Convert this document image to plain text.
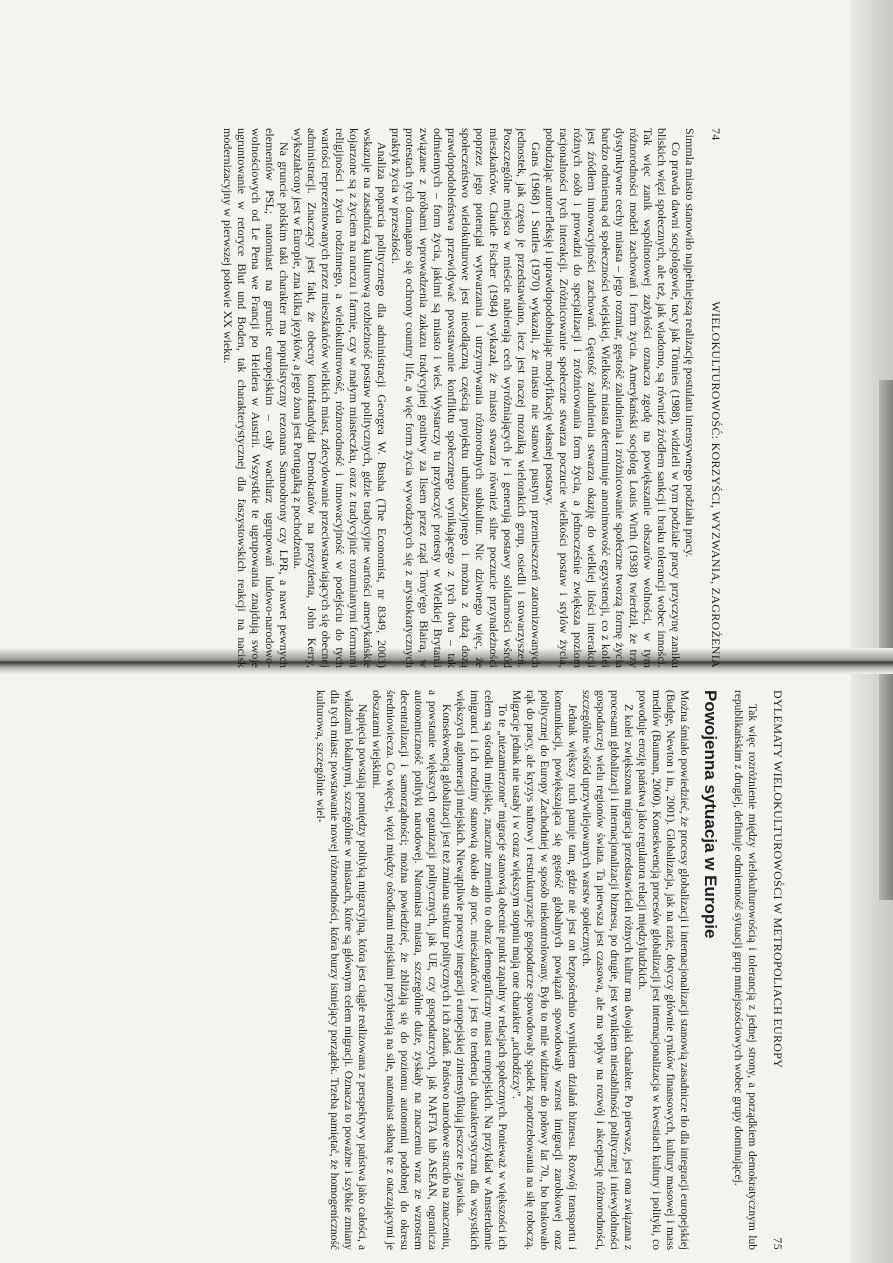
74
WIELOKULTUROWOŚĆ: KORZYŚCI, WYZWANIA, ZAGROŻENIA

Simmla miasto stanowiło najpełniejszą realizację postulatu intensywnego podziału pracy.

Co prawda dawni socjologowie, tacy jak Tönnies (1988), widzieli w tym podziale pracy przyczynę zaniku bliskich więzi społecznych, ale też, jak wiadomo, są również źródłem sankcji i braku tolerancji wobec inności. Tak więc zanik wspólnotowej zażyłości oznacza zgodę na powiększanie obszarów wolności, w tym różnorodności modeli zachowań i form życia. Amerykański socjolog Louis Wirth (1938) twierdził, że trzy dystynktywne cechy miasta – jego rozmiar, gęstość zaludnienia i zróżnicowanie społeczne tworzą formę życia bardzo odmienną od społeczności wiejskiej. Wielkość miasta determinuje anonimowość egzystencji, co z kolei jest źródłem innowacyjności zachowań. Gęstość zaludnienia stwarza okazję do wielkiej ilości interakcji różnych osób i prowadzi do specjalizacji i zróżnicowania form życia, a jednocześnie zwiększa poziom racjonalności tych interakcji. Zróżnicowanie społeczne stwarza poczucie wielkości postaw i stylów życia, pobudzając autorefleksję i uprawdopodobniając modyfikację własnej postawy.

Gans (1968) i Suttles (1970) wykazali, że miasto nie stanowi pustyni przemieszczeń zatomizowanych jednostek, jak często je przedstawiano, lecz jest raczej mozaiką wielorakich grup, osiedli i stowarzyszeń. Poszczególne miejsca w mieście nabierają cech wyróżniających je i generują postawy solidarności wśród mieszkańców. Claude Fischer (1984) wykazał, że miasto stwarza również silne poczucie przynależności poprzez jego potencjał wytwarzania i utrzymywania różnorodnych subkultur. Nic dziwnego więc, że społeczeństwo wielokulturowe jest nieodłączną częścią projektu urbanizacyjnego i można z dużą dozą prawdopodobieństwa przewidywać powstawanie konfliktu społecznego wynikającego z tych dwu – tak odmiennych – form życia, jakimi są miasto i wieś. Wystarczy tu przytoczyć protesty w Wielkiej Brytanii związane z próbami wprowadzenia zakazu tradycyjnej gonitwy za lisem przez rząd Tony'ego Blaira, w protestach tych domagano się ochrony country life, a więc form życia wywodzących się z arystokratycznych praktyk życia w przeszłości.

Analiza poparcia politycznego dla administracji Georgea W. Busha (The Economist, nr 8349, 2003) wskazuje na zasadniczą kulturową rozbieżność postaw politycznych, gdzie tradycyjne wartości amerykańskie kojarzone są z życiem na ranczu i farmie, czy w małym miasteczku, oraz z tradycyjnie rozumianymi formami religijności i życia rodzinnego, a wielokulturowość, różnorodność i innowacyjność w podejściu do tych wartości reprezentowanych przez mieszkańców wielkich miast, zdecydowanie przeciwstawiających się obecnej administracji. Znaczący jest fakt, że obecny kontrkandydat Demokratów na prezydenta, John Kerry, wykształcony jest w Europie, zna kilka języków, a jego żona jest Portugalką z pochodzenia.

Na gruncie polskim taki charakter ma populistyczny rezonans Samoobrony czy LPR, a nawet pewnych elementów PSL; natomiast na gruncie europejskim – cały wachlarz ugrupowań ludowo-narodowo-wolnościowych od Le Pena we Francji po Heidera w Austrii. Wszystkie te ugrupowania znajdują swoje ugruntowanie w retoryce Blut und Boden, tak charakterystycznej dla faszystowskich reakcji na nacisk modernizacyjny w pierwszej połowie XX wieku.

DYLEMATY WIELOKULTUROWOŚCI W METROPOLIACH EUROPY
75

Tak więc rozróżnienie między wielokulturowością i tolerancją z jednej strony, a porządkiem demokratycznym lub republikańskim z drugiej, definiuje odmienność sytuacji grup mniejszościowych wobec grupy dominującej.

Powojenna sytuacja w Europie

Można śmiało powiedzieć, że procesy globalizacji i internacjonalizacji stanowią zasadnicze tło dla integracji europejskiej (Budge, Newton i in., 2001). Globalizacja, jak na razie, dotyczy głównie rynków finansowych, kultury masowej i mass mediów (Bauman, 2000). Konsekwencją procesów globalizacji jest internacjonalizacja w kwestiach kultury i polityki, co powoduje erozję państwa jako regulatora relacji międzyludzkich.

Z kolei zwiększona migracja przedstawicieli różnych kultur ma dwojaki charakter. Po pierwsze, jest ona związana z procesami globalizacji i internacjonalizacji biznesu, po drugie, jest wynikiem niestabilności politycznej i niewydolności gospodarczej wielu regionów świata. Ta pierwsza jest czasowa, ale ma wpływ na rozwój i akceptację różnorodności, szczególnie wśród uprzywilejowanych warstw społecznych.

Jednak większy ruch panuje tam, gdzie nie jest on bezpośrednio wynikiem działań biznesu. Rozwój transportu i komunikacji, powiększająca się gęstość globalnych powiązań spowodowały wzrost imigracji zarobkowej oraz politycznej do Europy Zachodniej w sposób niekontrolowany. Było to mile widziane do połowy lat 70., bo brakowało rąk do pracy, ale kryzys naftowy i restrukturyzacje gospodarcze spowodowały spadek zapotrzebowania na siłę roboczą. Migracje jednak nie ustały i w coraz większym stopniu mają one charakter „uchodźczy”.

To te „niezamierzone” migracje stanowią obecnie punkt zapalny w relacjach społecznych. Ponieważ w większości ich celem są ośrodki miejskie, znacznie zmieniło to obraz demograficzny miast europejskich. Na przykład w Amsterdamie imigranci i ich rodziny stanowią około 40 proc. mieszkańców i jest to tendencja charakterystyczna dla wszystkich większych aglomeracji miejskich. Niewątpliwie procesy integracji europejskiej zintensyfikują jeszcze te zjawiska.

Konsekwencją globalizacji jest też zmiana struktur politycznych i ich zadań. Państwo narodowe straciło na znaczeniu, a powstanie większych organizacji politycznych, jak UE, czy gospodarczych, jak NAFTA lub ASEAN, ogranicza autonomiczność polityki narodowej. Natomiast miasta, szczególnie duże, zyskały na znaczeniu wraz ze wzrostem decentralizacji i samorządności; można powiedzieć, że zbliżają się do poziomu autonomii podobnej do okresu średniowiecza. Co więcej, więzi między ośrodkami miejskimi przybierają na sile, natomiast słabną te z otaczającymi je obszarami wiejskimi.

Napięcia powstają pomiędzy polityką migracyjną, która jest ciągle realizowana z perspektywy państwa jako całości, a władzami lokalnymi, szczególnie w miastach, które są głównym celem migracji. Oznacza to poważne i szybkie zmiany dla tych miast: powstawanie nowej różnorodności, która burzy istniejący porządek. Trzeba pamiętać, że homogeniczność kulturowa, szczególnie wiel-
